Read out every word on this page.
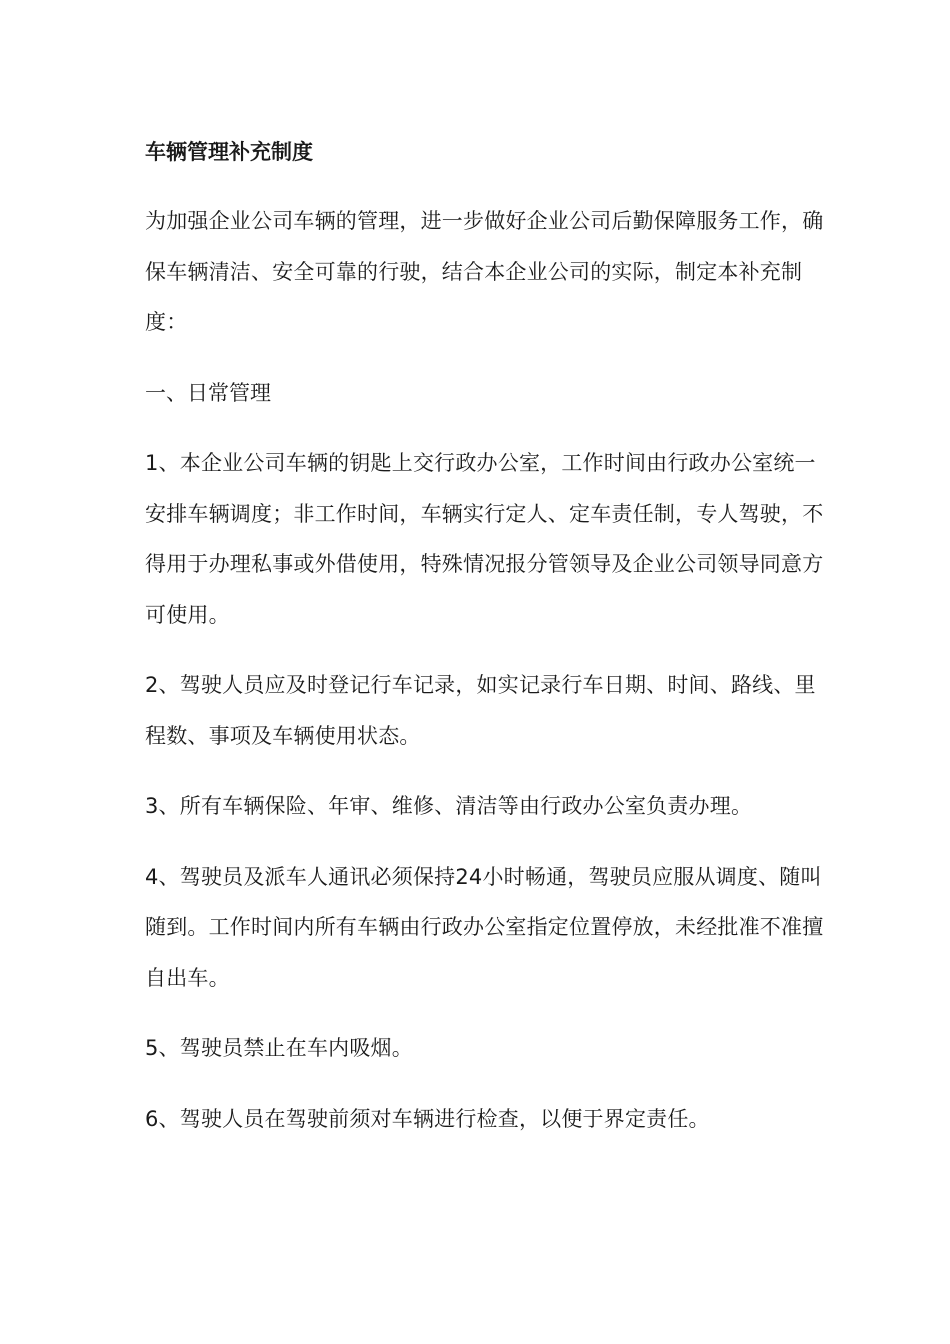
车辆管理补充制度
为加强企业公司车辆的管理，进一步做好企业公司后勤保障服务工作，确保车辆清洁、安全可靠的行驶，结合本企业公司的实际，制定本补充制度：
一、日常管理
1、本企业公司车辆的钥匙上交行政办公室，工作时间由行政办公室统一安排车辆调度；非工作时间，车辆实行定人、定车责任制，专人驾驶，不得用于办理私事或外借使用，特殊情况报分管领导及企业公司领导同意方可使用。
2、驾驶人员应及时登记行车记录，如实记录行车日期、时间、路线、里程数、事项及车辆使用状态。
3、所有车辆保险、年审、维修、清洁等由行政办公室负责办理。
4、驾驶员及派车人通讯必须保持24小时畅通，驾驶员应服从调度、随叫随到。工作时间内所有车辆由行政办公室指定位置停放，未经批准不准擅自出车。
5、驾驶员禁止在车内吸烟。
6、驾驶人员在驾驶前须对车辆进行检查，以便于界定责任。
